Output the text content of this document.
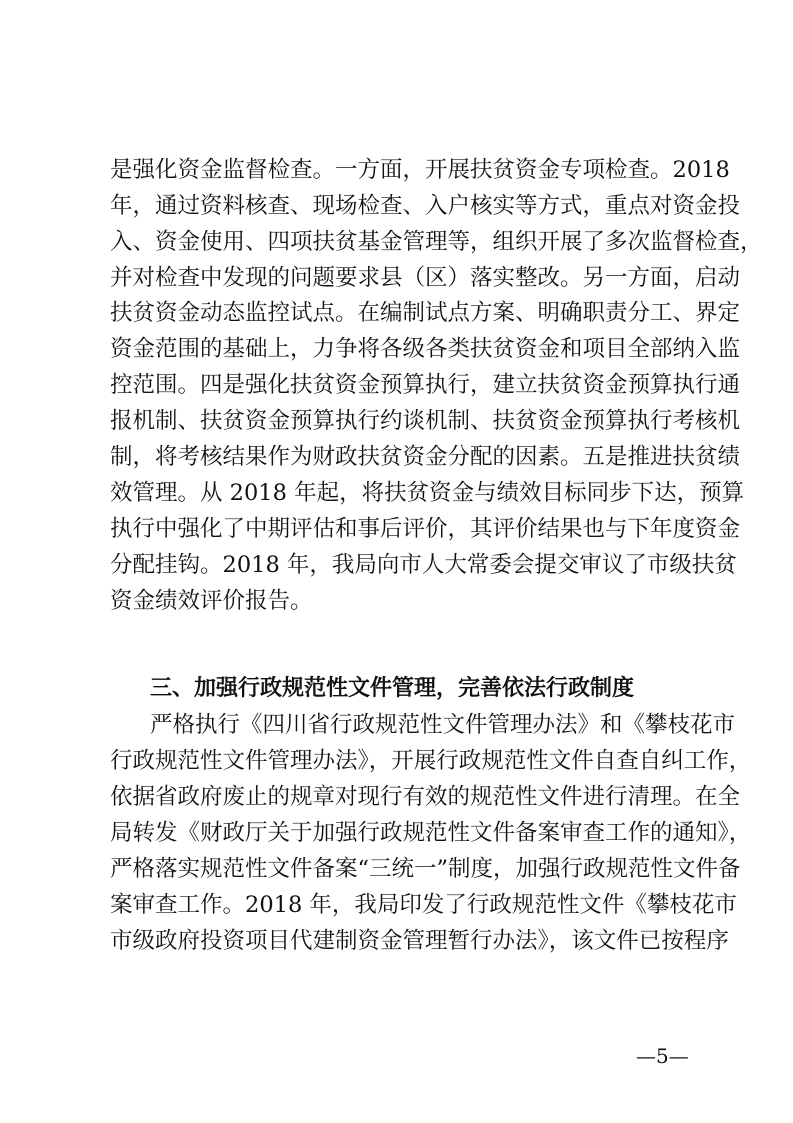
是强化资金监督检查。一方面，开展扶贫资金专项检查。2018
年，通过资料核查、现场检查、入户核实等方式，重点对资金投
入、资金使用、四项扶贫基金管理等，组织开展了多次监督检查，
并对检查中发现的问题要求县（区）落实整改。另一方面，启动
扶贫资金动态监控试点。在编制试点方案、明确职责分工、界定
资金范围的基础上，力争将各级各类扶贫资金和项目全部纳入监
控范围。四是强化扶贫资金预算执行，建立扶贫资金预算执行通
报机制、扶贫资金预算执行约谈机制、扶贫资金预算执行考核机
制，将考核结果作为财政扶贫资金分配的因素。五是推进扶贫绩
效管理。从 2018 年起，将扶贫资金与绩效目标同步下达，预算
执行中强化了中期评估和事后评价，其评价结果也与下年度资金
分配挂钩。2018 年，我局向市人大常委会提交审议了市级扶贫
资金绩效评价报告。
三、加强行政规范性文件管理，完善依法行政制度
严格执行《四川省行政规范性文件管理办法》和《攀枝花市
行政规范性文件管理办法》，开展行政规范性文件自查自纠工作，
依据省政府废止的规章对现行有效的规范性文件进行清理。在全
局转发《财政厅关于加强行政规范性文件备案审查工作的通知》，
严格落实规范性文件备案“三统一”制度，加强行政规范性文件备
案审查工作。2018 年，我局印发了行政规范性文件《攀枝花市
市级政府投资项目代建制资金管理暂行办法》，该文件已按程序
—5—
